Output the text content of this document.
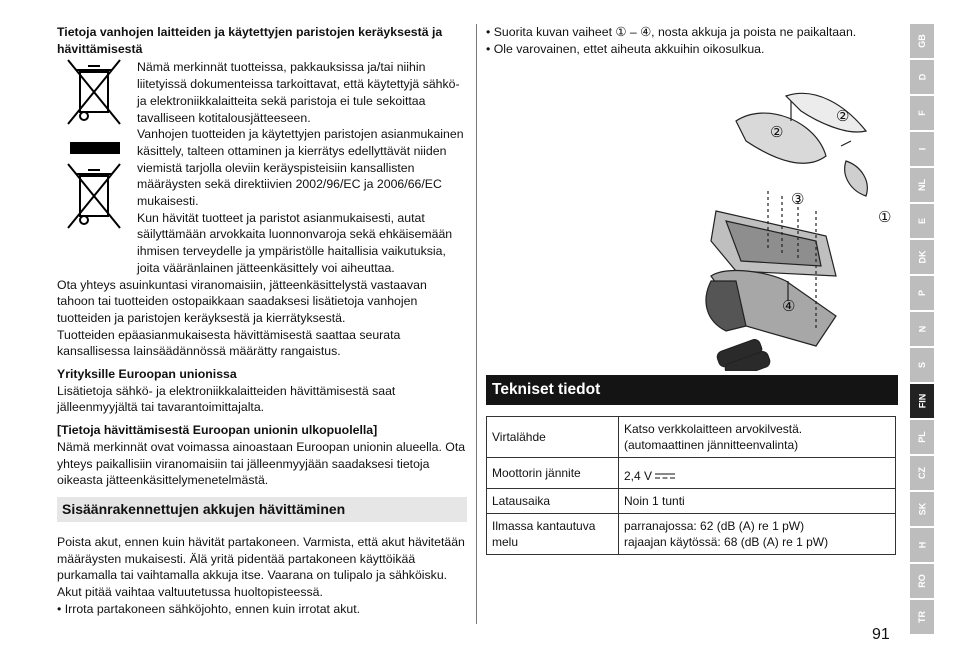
Tietoja vanhojen laitteiden ja käytettyjen paristojen keräyksestä ja hävittämisestä

Nämä merkinnät tuotteissa, pakkauksissa ja/tai niihin liitetyissä dokumenteissa tarkoittavat, että käytettyjä sähkö- ja elektroniikkalaitteita sekä paristoja ei tule sekoittaa tavalliseen kotitalousjätteeseen.

Vanhojen tuotteiden ja käytettyjen paristojen asianmukainen käsittely, talteen ottaminen ja kierrätys edellyttävät niiden viemistä tarjolla oleviin keräyspisteisiin kansallisten määräysten sekä direktiivien 2002/96/EC ja 2006/66/EC mukaisesti.

Kun hävität tuotteet ja paristot asianmukaisesti, autat säilyttämään arvokkaita luonnonvaroja sekä ehkäisemään ihmisen terveydelle ja ympäristölle haitallisia vaikutuksia, joita vääränlainen jätteenkäsittely voi aiheuttaa.

Ota yhteys asuinkuntasi viranomaisiin, jätteenkäsittelystä vastaavan tahoon tai tuotteiden ostopaikkaan saadaksesi lisätietoja vanhojen tuotteiden ja paristojen keräyksestä ja kierrätyksestä.

Tuotteiden epäasianmukaisesta hävittämisestä saattaa seurata kansallisessa lainsäädännössä määrätty rangaistus.

Yrityksille Euroopan unionissa

Lisätietoja sähkö- ja elektroniikkalaitteiden hävittämisestä saat jälleenmyyjältä tai tavarantoimittajalta.

[Tietoja hävittämisestä Euroopan unionin ulkopuolella]

Nämä merkinnät ovat voimassa ainoastaan Euroopan unionin alueella. Ota yhteys paikallisiin viranomaisiin tai jälleenmyyjään saadaksesi tietoja oikeasta jätteenkäsittelymenetelmästä.

Sisäänrakennettujen akkujen hävittäminen

Poista akut, ennen kuin hävität partakoneen. Varmista, että akut hävitetään määräysten mukaisesti. Älä yritä pidentää partakoneen käyttöikää purkamalla tai vaihtamalla akkuja itse. Vaarana on tulipalo ja sähköisku. Akut pitää vaihtaa valtuutetussa huoltopisteessä.

• Irrota partakoneen sähköjohto, ennen kuin irrotat akut.

• Suorita kuvan vaiheet ① – ④, nosta akkuja ja poista ne paikaltaan.
• Ole varovainen, ettet aiheuta akkuihin oikosulkua.
②
②
③
①
④
Tekniset tiedot
Virtalähde	Katso verkkolaitteen arvokilvestä.
(automaattinen jännitteenvalinta)
Moottorin jännite	2,4 V
Latausaika	Noin 1 tunti
Ilmassa kantautuva melu	parranajossa: 62 (dB (A) re 1 pW)
rajaajan käytössä: 68 (dB (A) re 1 pW)
GB
D
F
I
NL
E
DK
P
N
S
FIN
PL
CZ
SK
H
RO
TR
91
